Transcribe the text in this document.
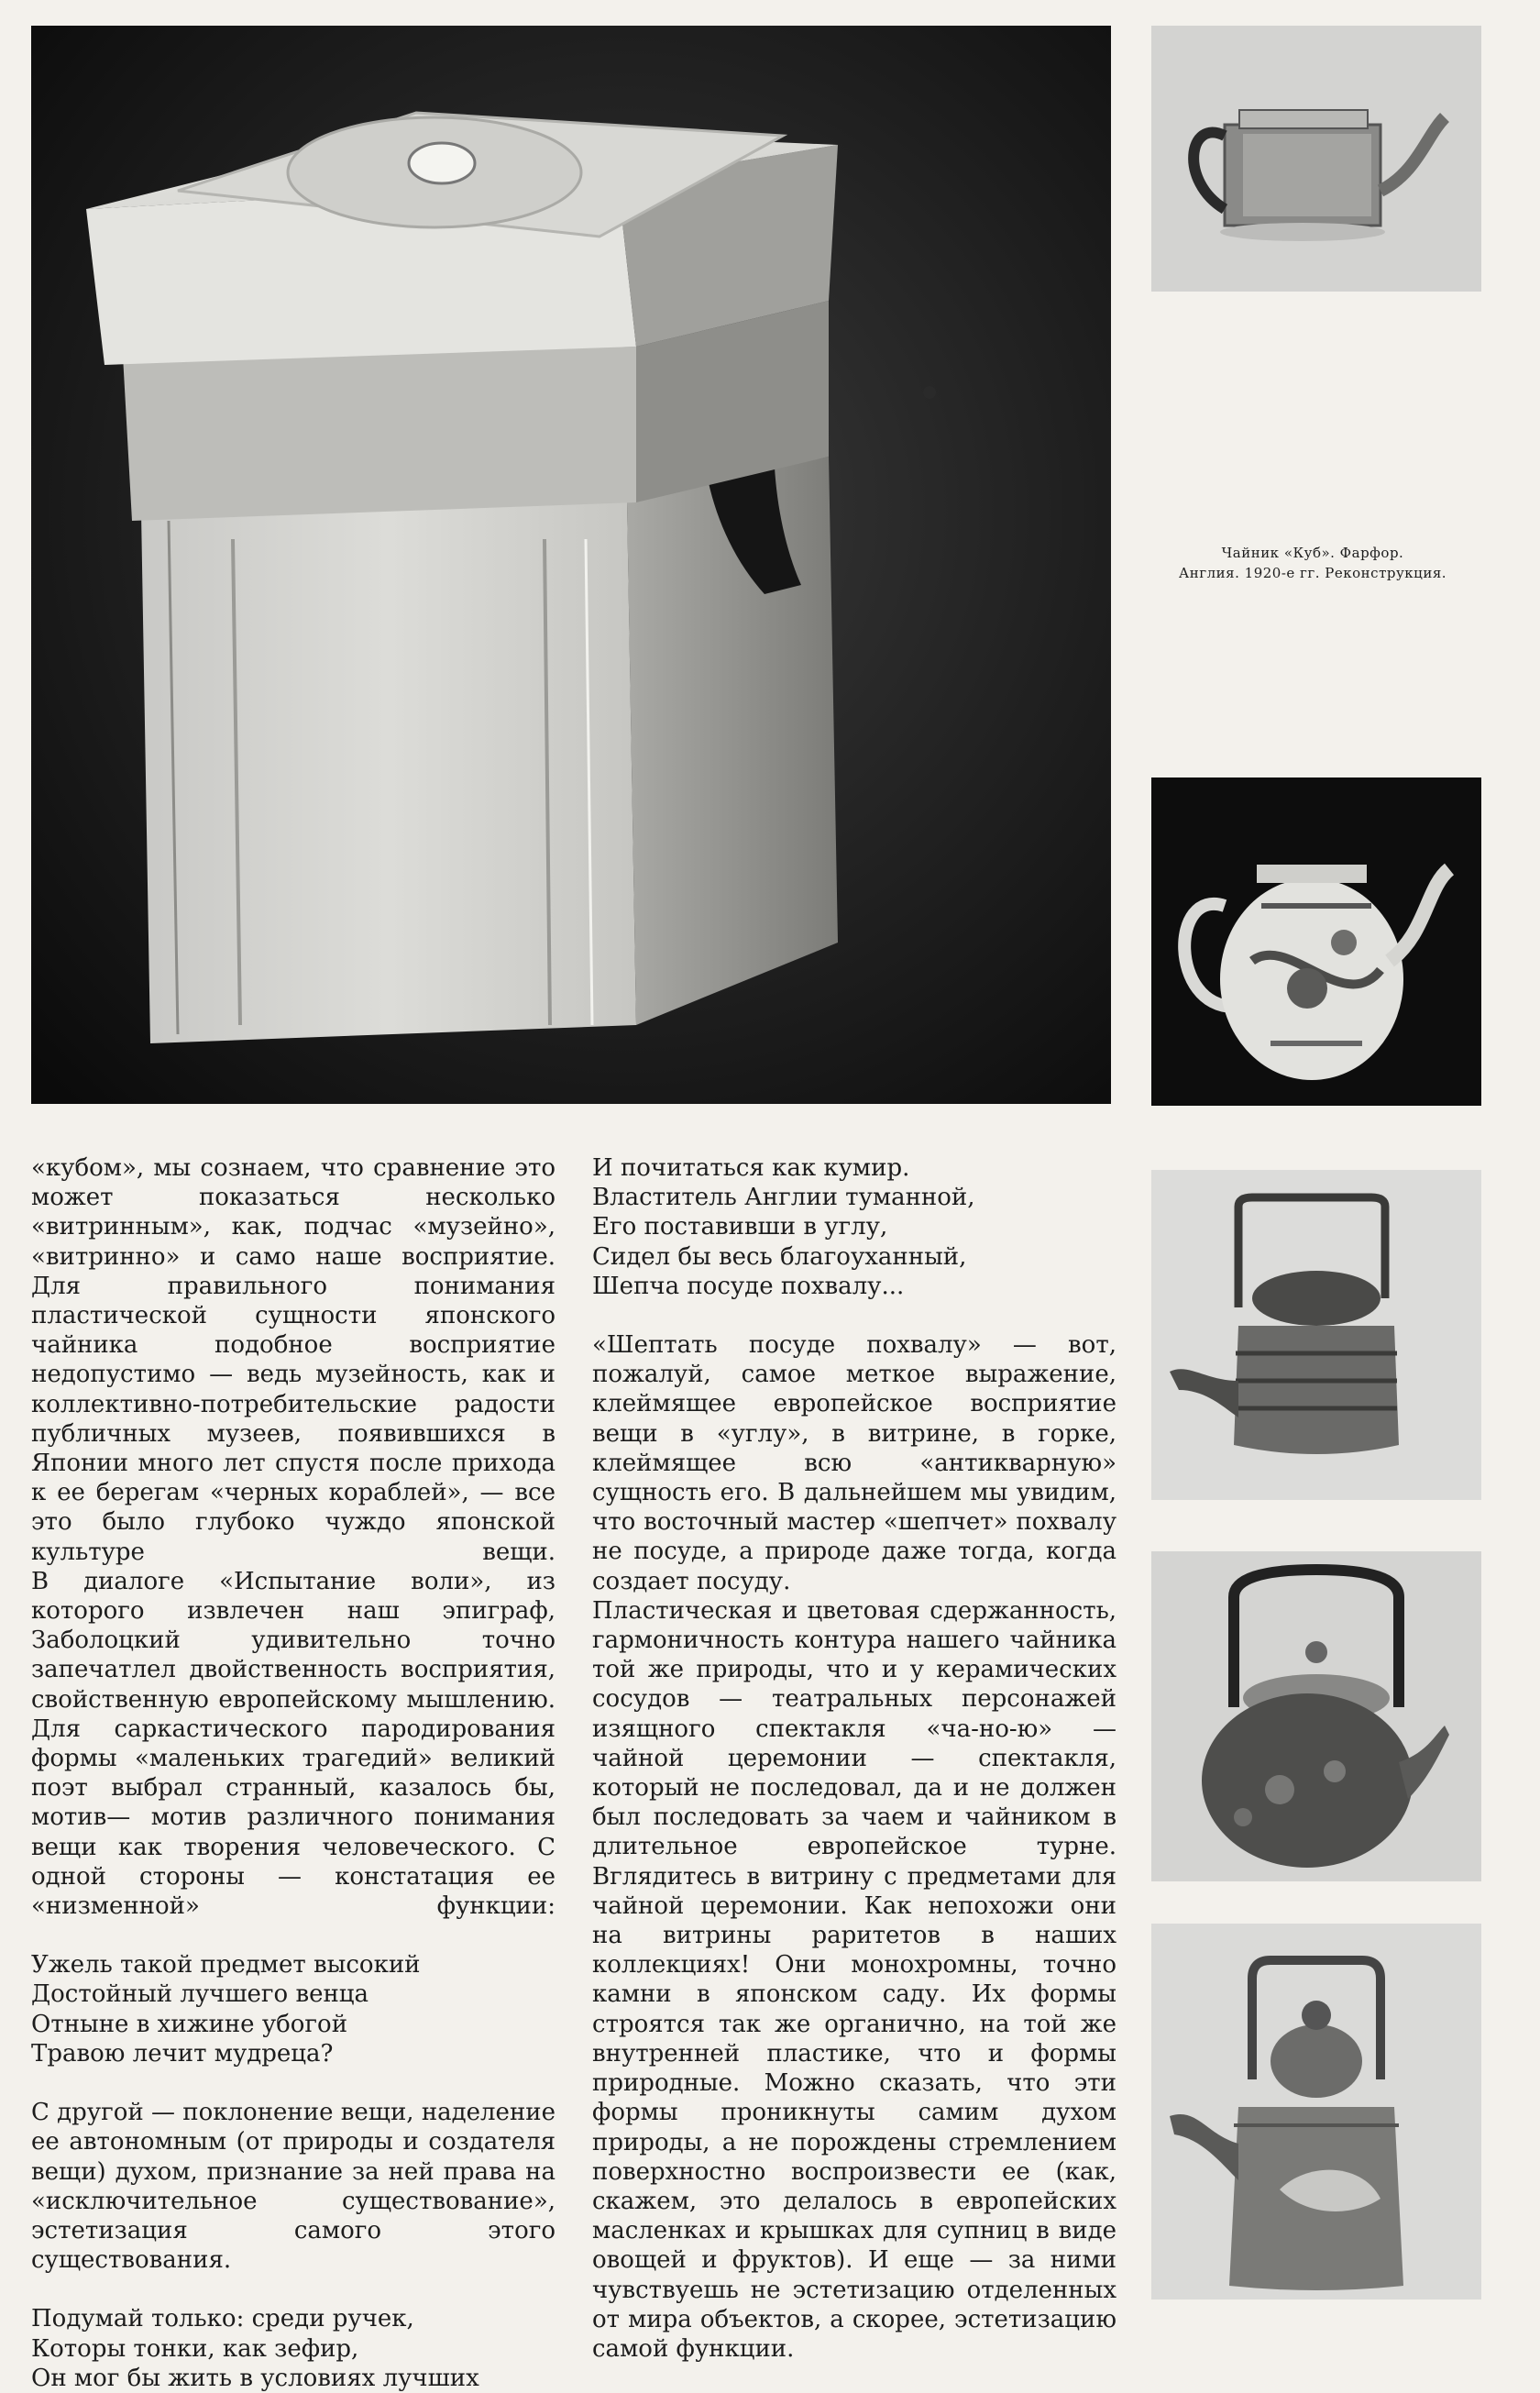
Чайник «Куб». Фарфор.
Англия. 1920-е гг. Реконструкция.

«кубом», мы сознаем, что сравнение это может показаться несколько «витринным», как, подчас «музейно», «витринно» и само наше восприятие. Для правильного понимания пластической сущности японского чайника подобное восприятие недопустимо — ведь музейность, как и коллективно-потребительские радости публичных музеев, появившихся в Японии много лет спустя после прихода к ее берегам «черных кораблей», — все это было глубоко чуждо японской культуре вещи.

В диалоге «Испытание воли», из которого извлечен наш эпиграф, Заболоцкий удивительно точно запечатлел двойственность восприятия, свойственную европейскому мышлению. Для саркастического пародирования формы «маленьких трагедий» великий поэт выбрал странный, казалось бы, мотив— мотив различного понимания вещи как творения человеческого. С одной стороны — констатация ее «низменной» функции:

Ужель такой предмет высокий
Достойный лучшего венца
Отныне в хижине убогой
Травою лечит мудреца?

С другой — поклонение вещи, наделение ее автономным (от природы и создателя вещи) духом, признание за ней права на «исключительное существование», эстетизация самого этого существования.

Подумай только: среди ручек,
Которы тонки, как зефир,
Он мог бы жить в условиях лучших
И почитаться как кумир.
Властитель Англии туманной,
Его поставивши в углу,
Сидел бы весь благоуханный,
Шепча посуде похвалу...

«Шептать посуде похвалу» — вот, пожалуй, самое меткое выражение, клеймящее европейское восприятие вещи в «углу», в витрине, в горке, клеймящее всю «антикварную» сущность его. В дальнейшем мы увидим, что восточный мастер «шепчет» похвалу не посуде, а природе даже тогда, когда создает посуду.

Пластическая и цветовая сдержанность, гармоничность контура нашего чайника той же природы, что и у керамических сосудов — театральных персонажей изящного спектакля «ча-но-ю» — чайной церемонии — спектакля, который не последовал, да и не должен был последовать за чаем и чайником в длительное европейское турне. Вглядитесь в витрину с предметами для чайной церемонии. Как непохожи они на витрины раритетов в наших коллекциях! Они монохромны, точно камни в японском саду. Их формы строятся так же органично, на той же внутренней пластике, что и формы природные. Можно сказать, что эти формы проникнуты самим духом природы, а не порождены стремлением поверхностно воспроизвести ее (как, скажем, это делалось в европейских масленках и крышках для супниц в виде овощей и фруктов). И еще — за ними чувствуешь не эстетизацию отделенных от мира объектов, а скорее, эстетизацию самой функции.
